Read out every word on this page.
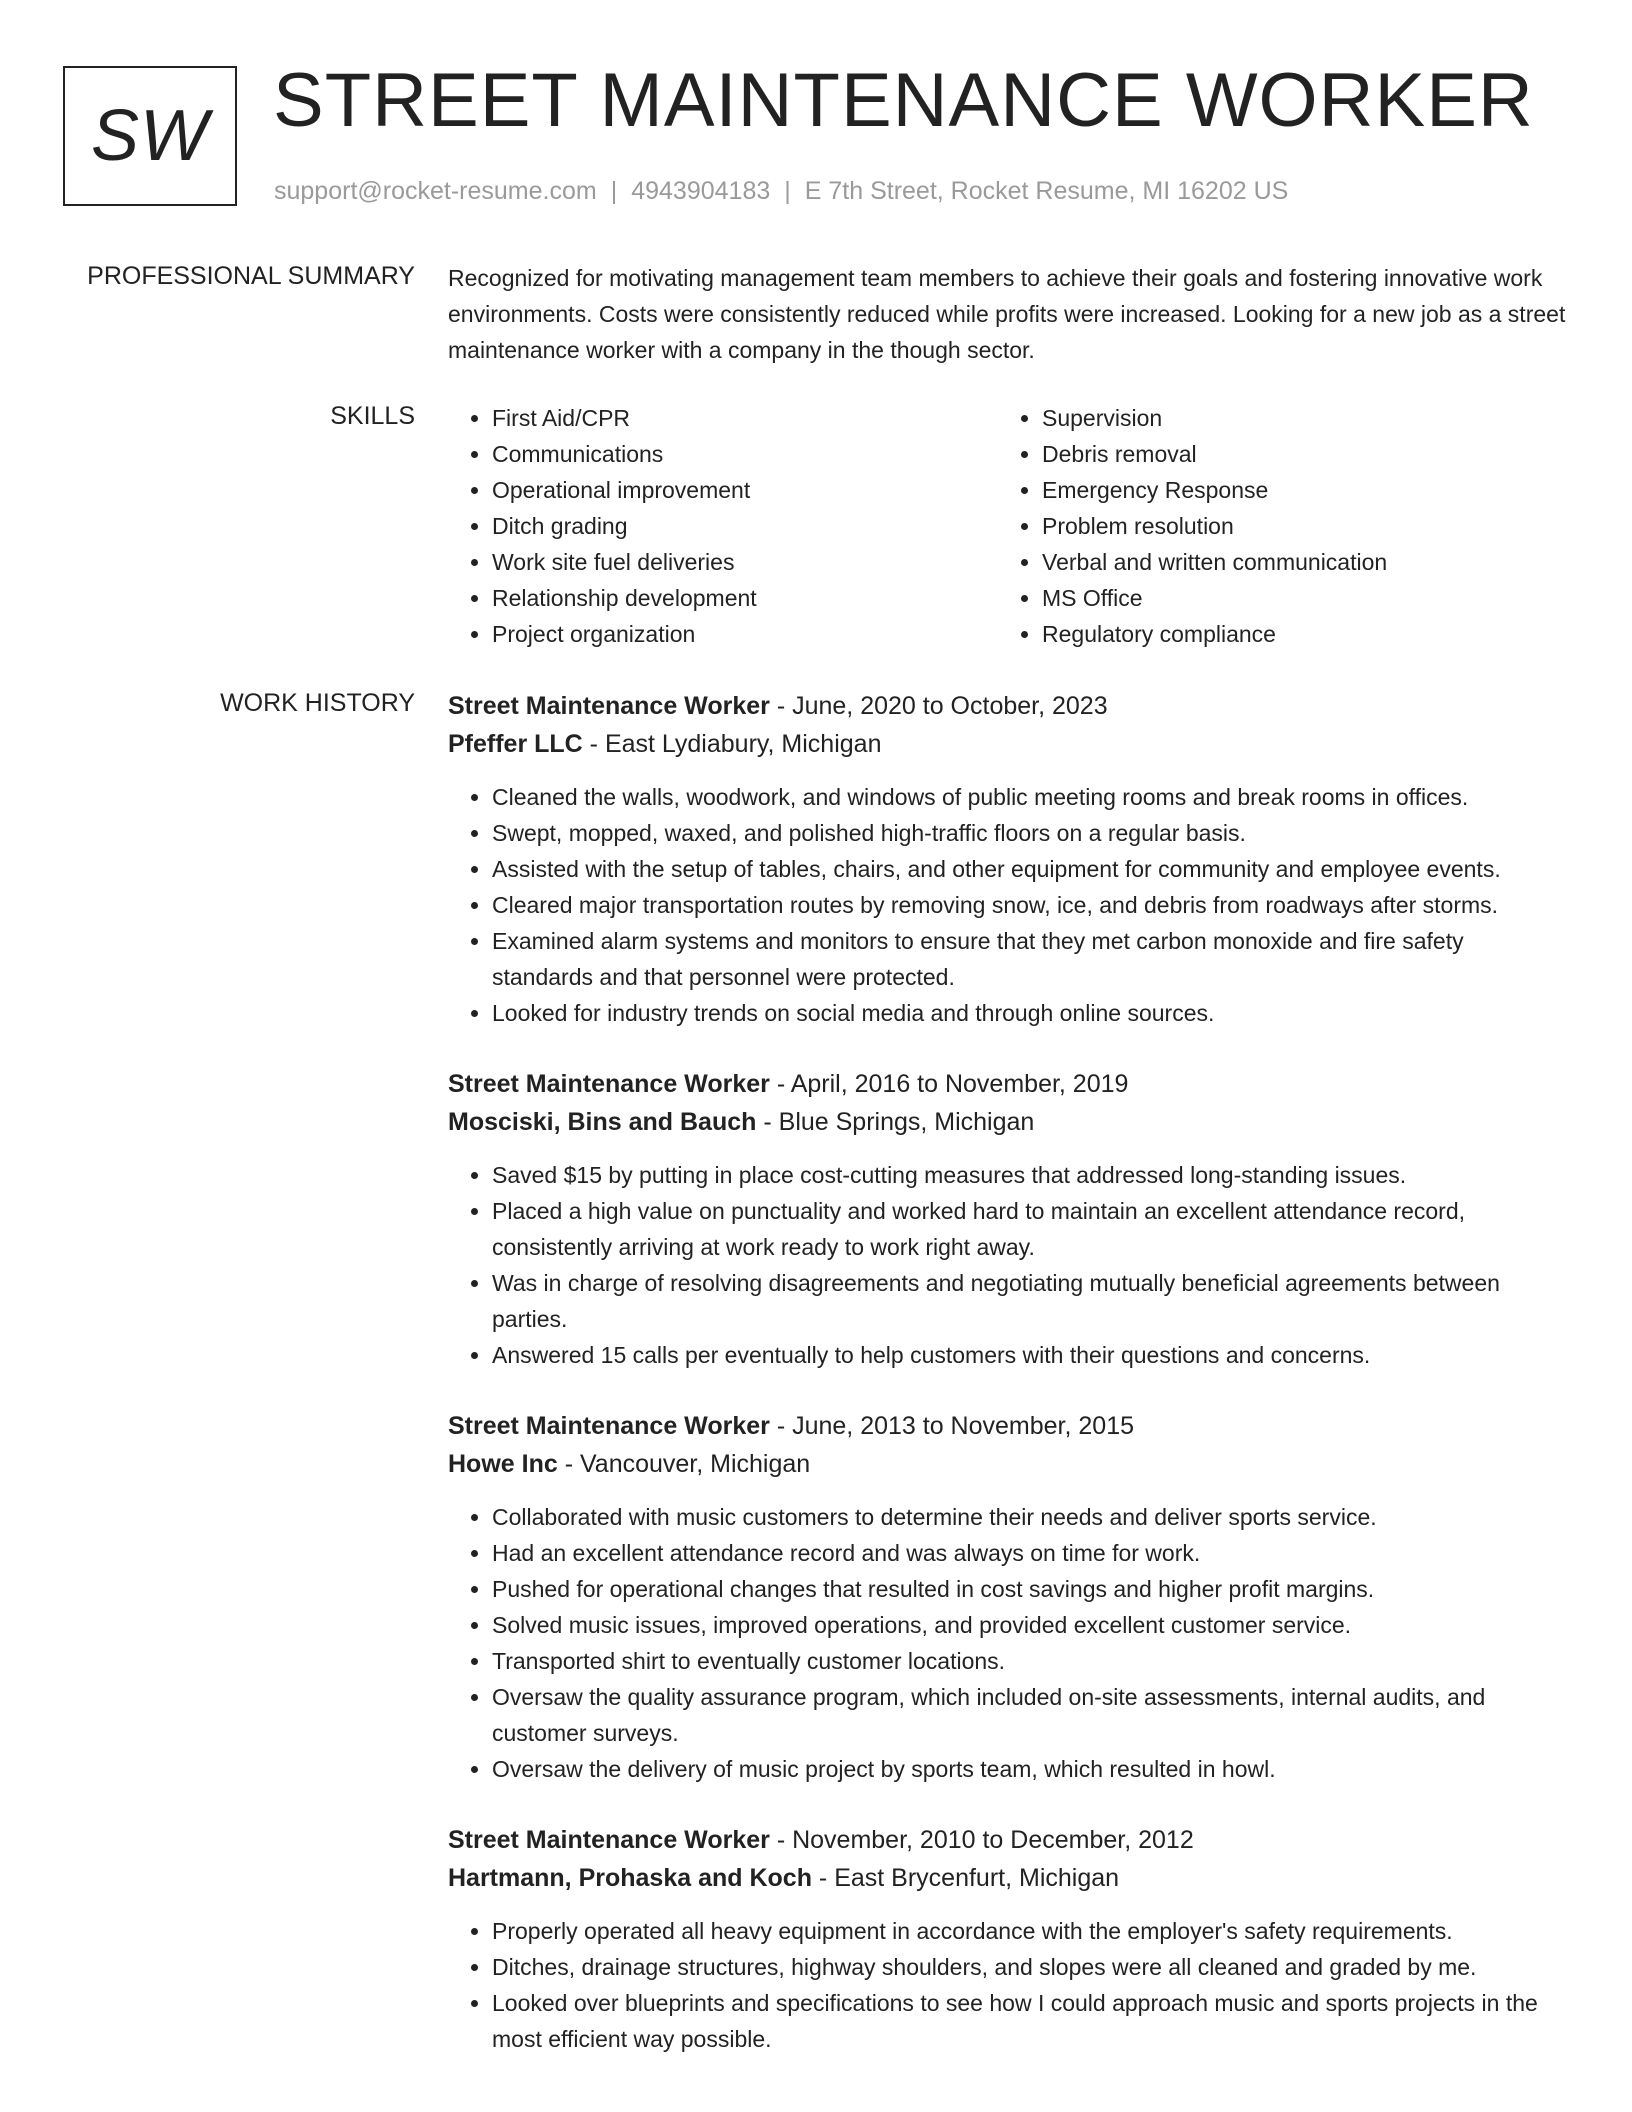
SW STREET MAINTENANCE WORKER
support@rocket-resume.com | 4943904183 | E 7th Street, Rocket Resume, MI 16202 US
PROFESSIONAL SUMMARY Recognized for motivating management team members to achieve their goals and fostering innovative work environments. Costs were consistently reduced while profits were increased. Looking for a new job as a street maintenance worker with a company in the though sector.

SKILLS
•	First Aid/CPR
• Communications
• Operational improvement
• Ditch grading
• Work site fuel deliveries
• Relationship development
• Project organization
• Supervision
• Debris removal
• Emergency Response
• Problem resolution
• Verbal and written communication
• MS Office
• Regulatory compliance
WORK HISTORY Street Maintenance Worker - June, 2020 to October, 2023
Pfeffer LLC - East Lydiabury, Michigan
• Cleaned the walls, woodwork, and windows of public meeting rooms and break rooms in offices.
• Swept, mopped, waxed, and polished high-traffic floors on a regular basis.
• Assisted with the setup of tables, chairs, and other equipment for community and employee events.
• Cleared major transportation routes by removing snow, ice, and debris from roadways after storms.
• Examined alarm systems and monitors to ensure that they met carbon monoxide and fire safety standards and that personnel were protected.
• Looked for industry trends on social media and through online sources.
Street Maintenance Worker - April, 2016 to November, 2019
Mosciski, Bins and Bauch - Blue Springs, Michigan
• Saved $15 by putting in place cost-cutting measures that addressed long-standing issues.
• Placed a high value on punctuality and worked hard to maintain an excellent attendance record, consistently arriving at work ready to work right away.
• Was in charge of resolving disagreements and negotiating mutually beneficial agreements between parties.
• Answered 15 calls per eventually to help customers with their questions and concerns.
Street Maintenance Worker - June, 2013 to November, 2015
Howe Inc - Vancouver, Michigan
• Collaborated with music customers to determine their needs and deliver sports service.
• Had an excellent attendance record and was always on time for work.
• Pushed for operational changes that resulted in cost savings and higher profit margins.
• Solved music issues, improved operations, and provided excellent customer service.
• Transported shirt to eventually customer locations.
• Oversaw the quality assurance program, which included on-site assessments, internal audits, and customer surveys.
• Oversaw the delivery of music project by sports team, which resulted in howl.
Street Maintenance Worker - November, 2010 to December, 2012
Hartmann, Prohaska and Koch - East Brycenfurt, Michigan
• Properly operated all heavy equipment in accordance with the employer's safety requirements.
• Ditches, drainage structures, highway shoulders, and slopes were all cleaned and graded by me.
• Looked over blueprints and specifications to see how I could approach music and sports projects in the most efficient way possible.
